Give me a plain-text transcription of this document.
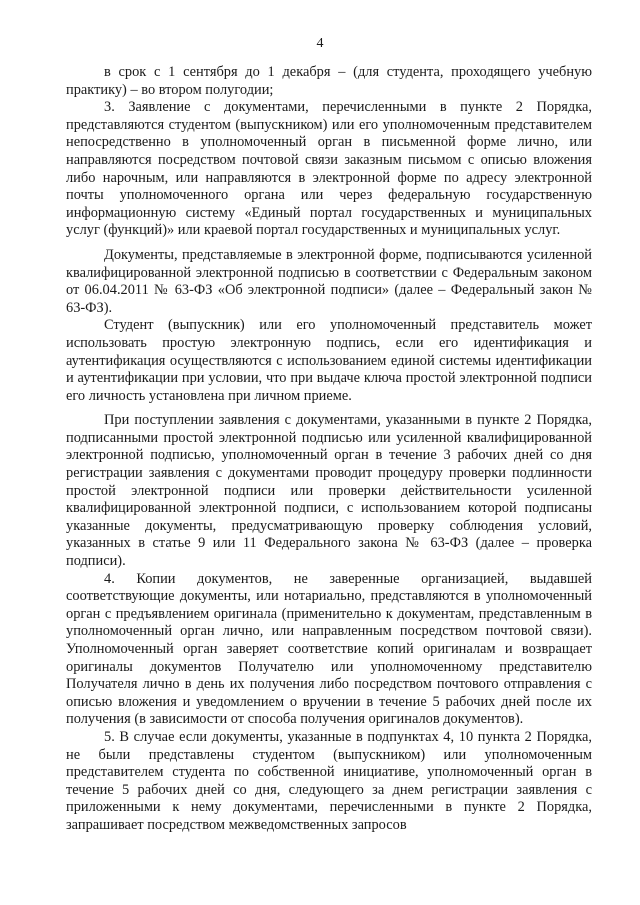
4

в срок с 1 сентября до 1 декабря – (для студента, проходящего учебную практику) – во втором полугодии;

3. Заявление с документами, перечисленными в пункте 2 Порядка, представляются студентом (выпускником) или его уполномоченным представителем непосредственно в уполномоченный орган в письменной форме лично, или направляются посредством почтовой связи заказным письмом с описью вложения либо нарочным, или направляются в электронной форме по адресу электронной почты уполномоченного органа или через федеральную государственную информационную систему «Единый портал государственных и муниципальных услуг (функций)» или краевой портал государственных и муниципальных услуг.

Документы, представляемые в электронной форме, подписываются усиленной квалифицированной электронной подписью в соответствии с Федеральным законом от 06.04.2011 № 63-ФЗ «Об электронной подписи» (далее – Федеральный закон № 63-ФЗ).

Студент (выпускник) или его уполномоченный представитель может использовать простую электронную подпись, если его идентификация и аутентификация осуществляются с использованием единой системы идентификации и аутентификации при условии, что при выдаче ключа простой электронной подписи его личность установлена при личном приеме.

При поступлении заявления с документами, указанными в пункте 2 Порядка, подписанными простой электронной подписью или усиленной квалифицированной электронной подписью, уполномоченный орган в течение 3 рабочих дней со дня регистрации заявления с документами проводит процедуру проверки подлинности простой электронной подписи или проверки действительности усиленной квалифицированной электронной подписи, с использованием которой подписаны указанные документы, предусматривающую проверку соблюдения условий, указанных в статье 9 или 11 Федерального закона № 63-ФЗ (далее – проверка подписи).

4. Копии документов, не заверенные организацией, выдавшей соответствующие документы, или нотариально, представляются в уполномоченный орган с предъявлением оригинала (применительно к документам, представленным в уполномоченный орган лично, или направленным посредством почтовой связи). Уполномоченный орган заверяет соответствие копий оригиналам и возвращает оригиналы документов Получателю или уполномоченному представителю Получателя лично в день их получения либо посредством почтового отправления с описью вложения и уведомлением о вручении в течение 5 рабочих дней после их получения (в зависимости от способа получения оригиналов документов).

5. В случае если документы, указанные в подпунктах 4, 10 пункта 2 Порядка, не были представлены студентом (выпускником) или уполномоченным представителем студента по собственной инициативе, уполномоченный орган в течение 5 рабочих дней со дня, следующего за днем регистрации заявления с приложенными к нему документами, перечисленными в пункте 2 Порядка, запрашивает посредством межведомственных запросов
